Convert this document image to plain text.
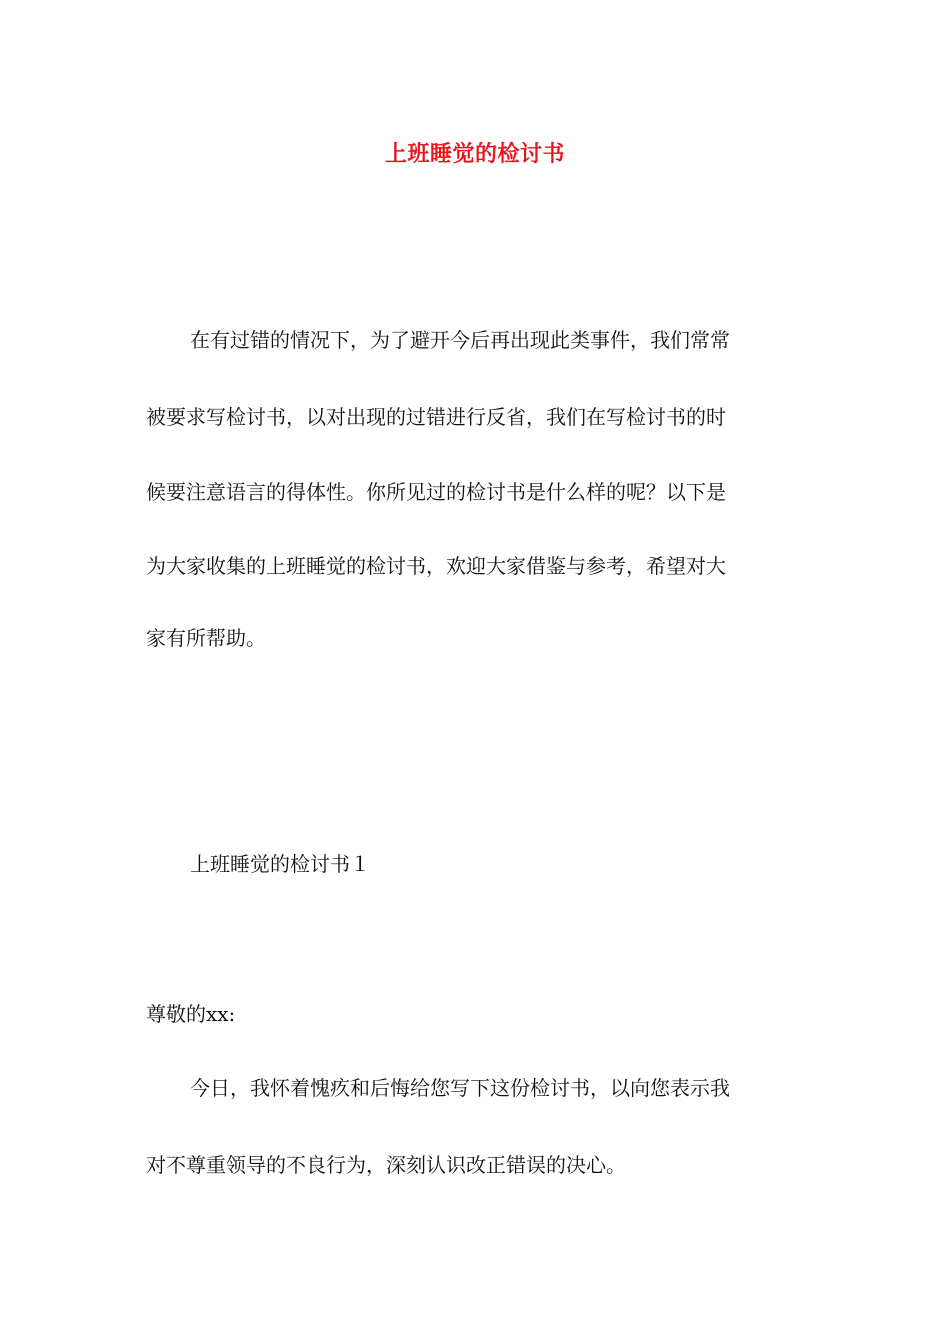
上班睡觉的检讨书
在有过错的情况下，为了避开今后再出现此类事件，我们常常
被要求写检讨书，以对出现的过错进行反省，我们在写检讨书的时
候要注意语言的得体性。你所见过的检讨书是什么样的呢？以下是
为大家收集的上班睡觉的检讨书，欢迎大家借鉴与参考，希望对大
家有所帮助。
上班睡觉的检讨书１
尊敬的xx:
今日，我怀着愧疚和后悔给您写下这份检讨书，以向您表示我
对不尊重领导的不良行为，深刻认识改正错误的决心。
